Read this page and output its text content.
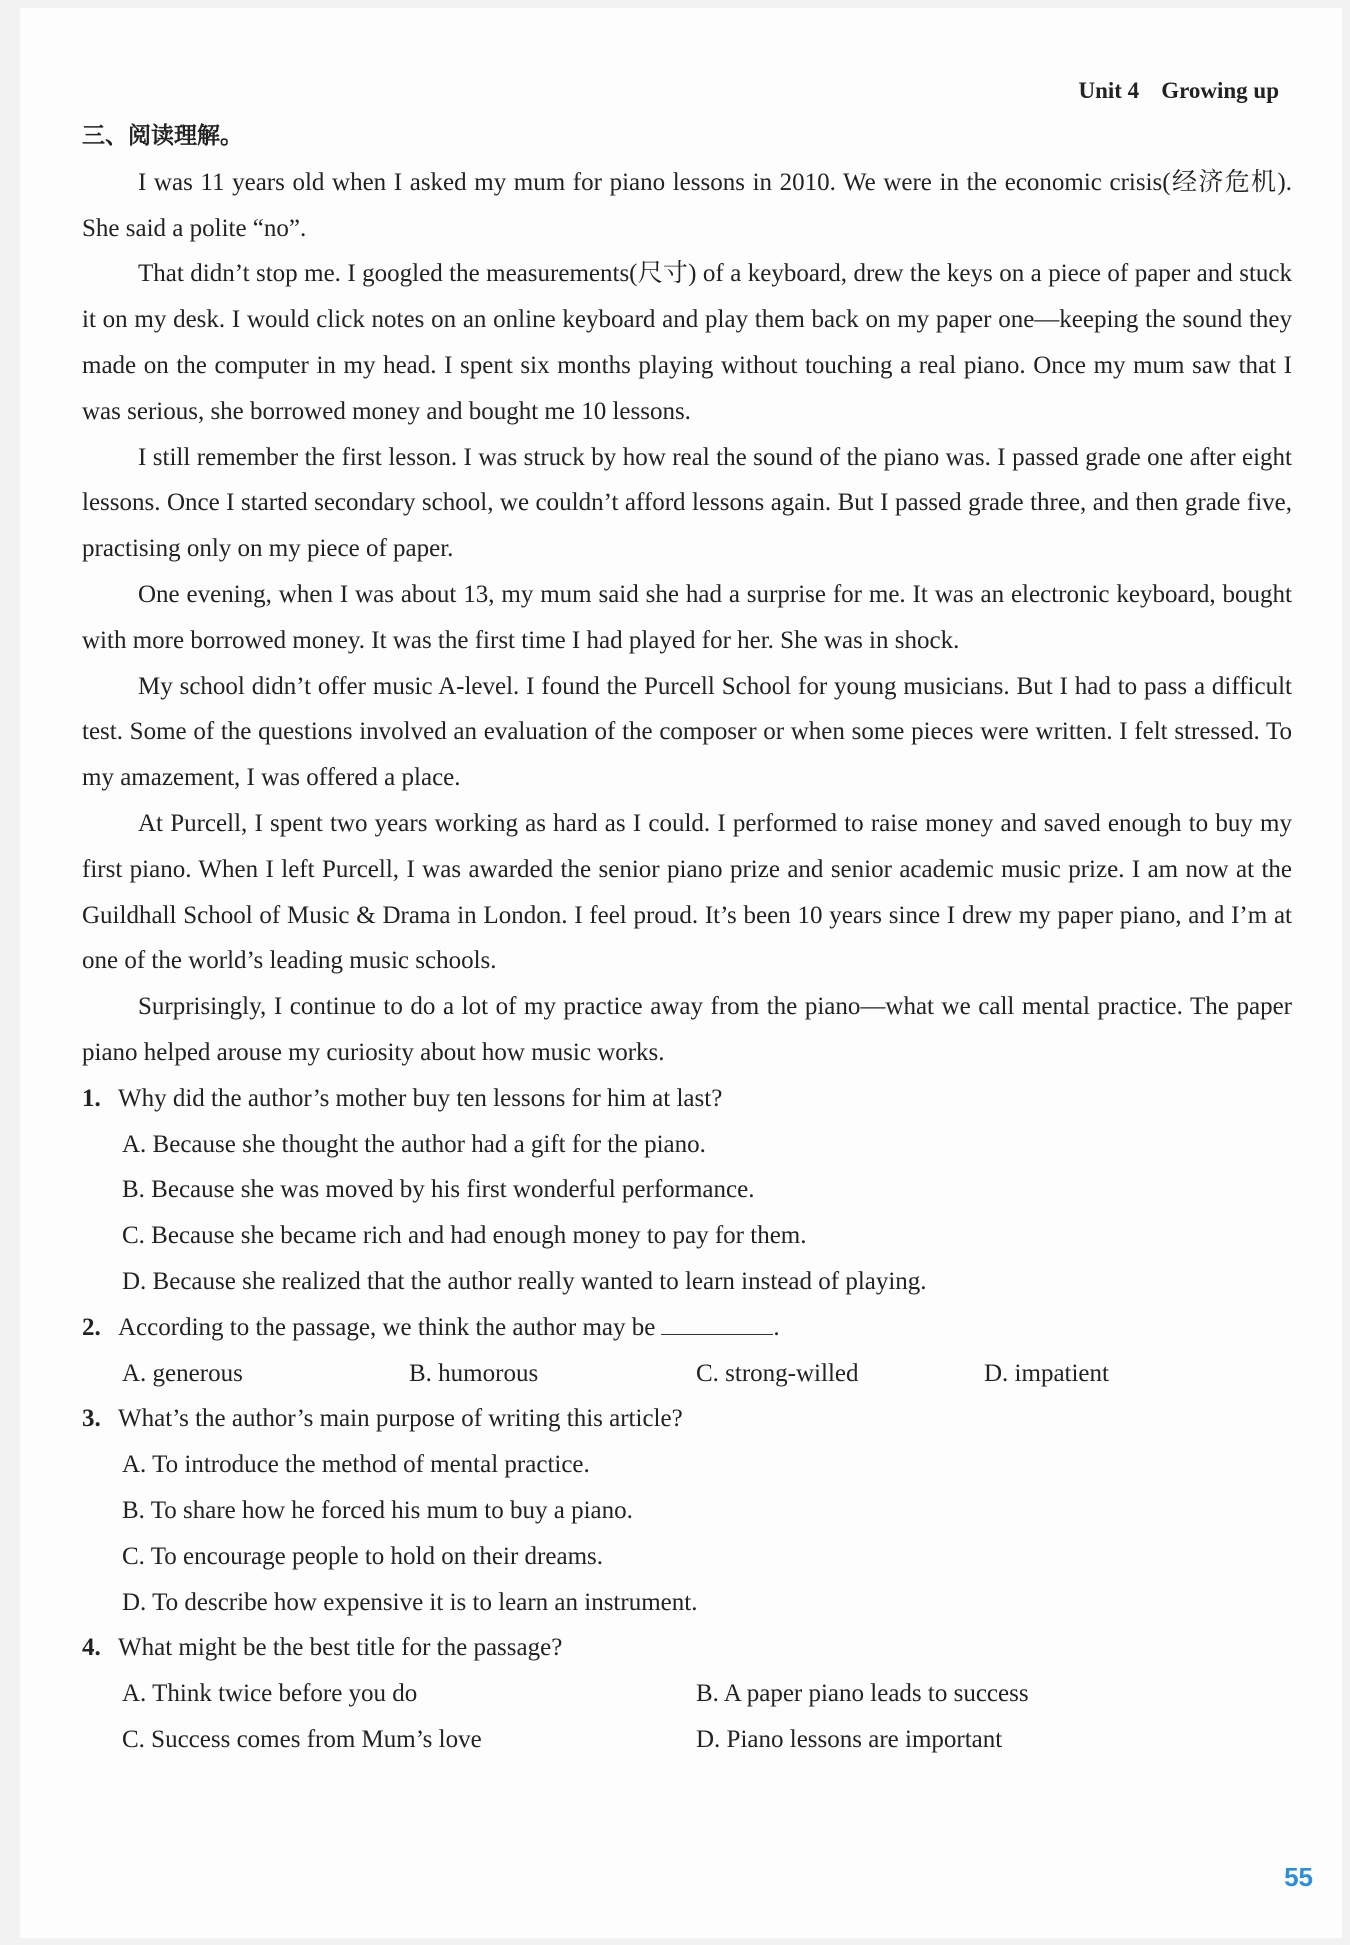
Unit 4 Growing up
三、阅读理解。

I was 11 years old when I asked my mum for piano lessons in 2010. We were in the economic crisis(经济危机). She said a polite “no”.

That didn’t stop me. I googled the measurements(尺寸) of a keyboard, drew the keys on a piece of paper and stuck it on my desk. I would click notes on an online keyboard and play them back on my paper one—keeping the sound they made on the computer in my head. I spent six months playing without touching a real piano. Once my mum saw that I was serious, she borrowed money and bought me 10 lessons.

I still remember the first lesson. I was struck by how real the sound of the piano was. I passed grade one after eight lessons. Once I started secondary school, we couldn’t afford lessons again. But I passed grade three, and then grade five, practising only on my piece of paper.

One evening, when I was about 13, my mum said she had a surprise for me. It was an electronic keyboard, bought with more borrowed money. It was the first time I had played for her. She was in shock.

My school didn’t offer music A-level. I found the Purcell School for young musicians. But I had to pass a difficult test. Some of the questions involved an evaluation of the composer or when some pieces were written. I felt stressed. To my amazement, I was offered a place.

At Purcell, I spent two years working as hard as I could. I performed to raise money and saved enough to buy my first piano. When I left Purcell, I was awarded the senior piano prize and senior academic music prize. I am now at the Guildhall School of Music & Drama in London. I feel proud. It’s been 10 years since I drew my paper piano, and I’m at one of the world’s leading music schools.

Surprisingly, I continue to do a lot of my practice away from the piano—what we call mental practice. The paper piano helped arouse my curiosity about how music works.

1. Why did the author’s mother buy ten lessons for him at last?

A. Because she thought the author had a gift for the piano.

B. Because she was moved by his first wonderful performance.

C. Because she became rich and had enough money to pay for them.

D. Because she realized that the author really wanted to learn instead of playing.

2. According to the passage, we think the author may be	.

A. generous	B. humorous	C. strong-willed	D. impatient

3. What’s the author’s main purpose of writing this article?

A. To introduce the method of mental practice.

B. To share how he forced his mum to buy a piano.

C. To encourage people to hold on their dreams.

D. To describe how expensive it is to learn an instrument.

4. What might be the best title for the passage?

A. Think twice before you do	B. A paper piano leads to success
C. Success comes from Mum’s love	D. Piano lessons are important
55
